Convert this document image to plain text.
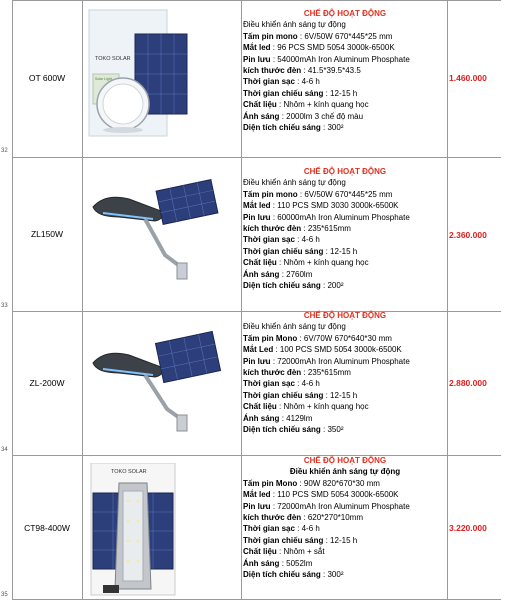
32
OT 600W
TOKO SOLAR
Solar Light
CHẾ ĐỘ HOẠT ĐỘNG
Điều khiển ánh sáng tự động
Tấm pin mono : 6V/50W 670*445*25 mm
Mắt led : 96 PCS SMD 5054 3000k-6500K
Pin lưu : 54000mAh Iron Aluminum Phosphate
kích thước đèn : 41.5*39.5*43.5
Thời gian sạc : 4-6 h
Thời gian chiếu sáng : 12-15 h
Chất liệu : Nhôm + kính quang học
Ánh sáng : 2000lm 3 chế độ màu
Diện tích chiếu sáng : 300²
1.460.000
33
ZL150W
CHẾ ĐỘ HOẠT ĐỘNG
Điều khiển ánh sáng tự động
Tấm pin mono : 6V/50W 670*445*25 mm
Mắt led : 110 PCS SMD 3030 3000k-6500K
Pin lưu : 60000mAh Iron Aluminum Phosphate
kích thước đèn : 235*615mm
Thời gian sạc : 4-6 h
Thời gian chiếu sáng : 12-15 h
Chất liệu : Nhôm + kính quang học
Ánh sáng : 2760lm
Diện tích chiếu sáng : 200²
2.360.000
34
ZL-200W
CHẾ ĐỘ HOẠT ĐỘNG
Điều khiển ánh sáng tự động
Tấm pin Mono : 6V/70W 670*640*30 mm
Mắt Led : 100 PCS SMD 5054 3000k-6500K
Pin lưu : 72000mAh Iron Aluminum Phosphate
kích thước đèn : 235*615mm
Thời gian sạc : 4-6 h
Thời gian chiếu sáng : 12-15 h
Chất liệu : Nhôm + kính quang học
Ánh sáng : 4129lm
Diện tích chiếu sáng : 350²
2.880.000
35
CT98-400W
TOKO SOLAR
CHẾ ĐỘ HOẠT ĐỘNG
Điều khiển ánh sáng tự động
Tấm pin Mono : 90W 820*670*30 mm
Mắt led : 110 PCS SMD 5054 3000k-6500K
Pin lưu : 72000mAh Iron Aluminum Phosphate
kích thước đèn : 620*270*10mm
Thời gian sạc : 4-6 h
Thời gian chiếu sáng : 12-15 h
Chất liệu : Nhôm + sắt
Ánh sáng : 5052lm
Diện tích chiếu sáng : 300²
3.220.000
